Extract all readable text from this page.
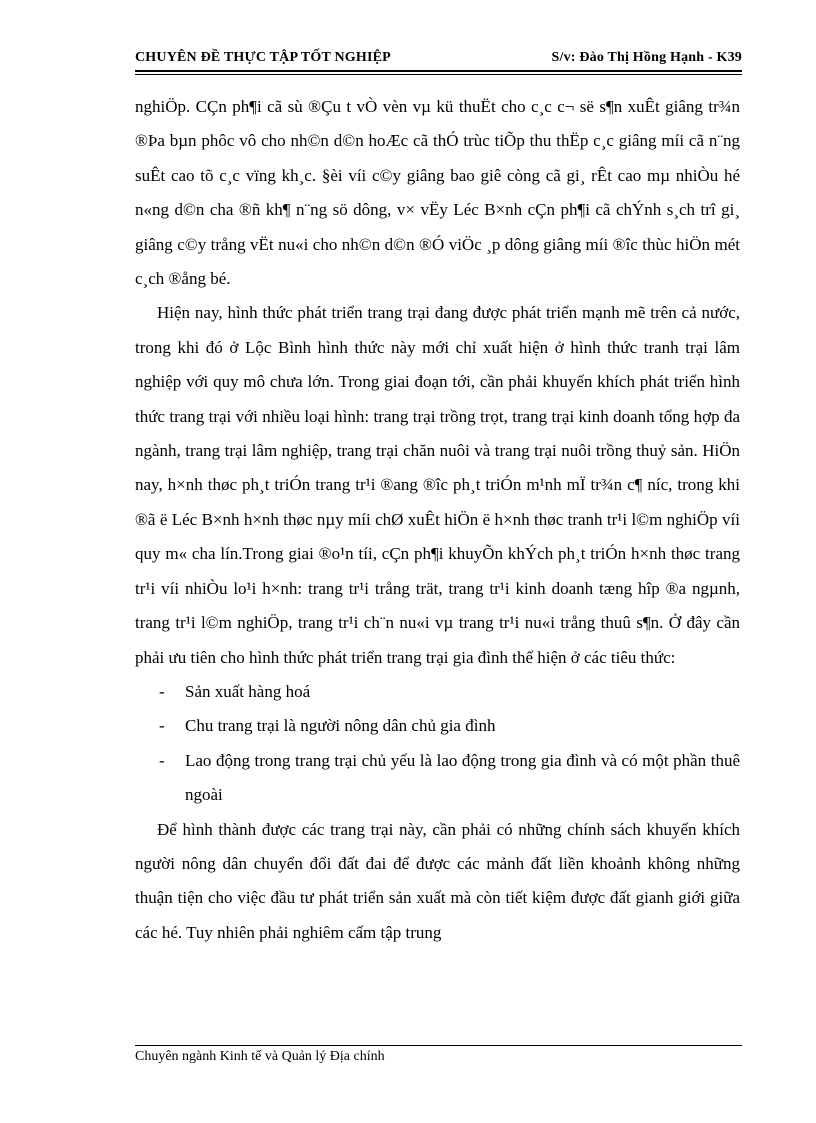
CHUYÊN ĐỀ THỰC TẬP TỐT NGHIỆP	S/v: Đào Thị Hồng Hạnh - K39

nghiÖp. CÇn ph¶i cã sù ®Çu t vÒ vèn vµ kü thuËt cho c¸c c¬ së s¶n xuÊt giâng tr¾n ®Þa bµn phôc vô cho nh©n d©n hoÆc cã thÓ trùc tiÕp thu thËp c¸c giâng míi cã n¨ng suÊt cao tõ c¸c vïng kh¸c. §èi víi c©y giâng bao giê còng cã gi¸ rÊt cao mµ nhiÒu hé n«ng d©n cha ®ñ kh¶ n¨ng sö dông, v× vËy Léc B×nh cÇn ph¶i cã chÝnh s¸ch trî gi¸ giâng c©y trång vËt nu«i cho nh©n d©n ®Ó viÖc ¸p dông giâng míi ®îc thùc hiÖn mét c¸ch ®ång bé.

Hiện nay, hình thức phát triển trang trại đang được phát triển mạnh mẽ trên cả nước, trong khi đó ở Lộc Bình hình thức này mới chỉ xuất hiện ở hình thức tranh trại lâm nghiệp với quy mô chưa lớn. Trong giai đoạn tới, cần phải khuyến khích phát triển hình thức trang trại với nhiều loại hình: trang trại trồng trọt, trang trại kinh doanh tổng hợp đa ngành, trang trại lâm nghiệp, trang trại chăn nuôi và trang trại nuôi trồng thuỷ sản. HiÖn nay, h×nh thøc ph¸t triÓn trang tr¹i ®ang ®îc ph¸t triÓn m¹nh mÏ tr¾n c¶ níc, trong khi ®ã ë Léc B×nh h×nh thøc nµy míi chØ xuÊt hiÖn ë h×nh thøc tranh tr¹i l©m nghiÖp víi quy m« cha lín.Trong giai ®o¹n tíi, cÇn ph¶i khuyÕn khÝch ph¸t triÓn h×nh thøc trang tr¹i víi nhiÒu lo¹i h×nh: trang tr¹i trång trät, trang tr¹i kinh doanh tæng hîp ®a ngµnh, trang tr¹i l©m nghiÖp, trang tr¹i ch¨n nu«i vµ trang tr¹i nu«i trång thuû s¶n. Ở đây cần phải ưu tiên cho hình thức phát triển trang trại gia đình thể hiện ở các tiêu thức:

-	Sản xuất hàng hoá
-	Chu trang trại là người nông dân chủ gia đình
-	Lao động trong trang trại chủ yếu là lao động trong gia đình và có một phần thuê ngoài

Để hình thành được các trang trại này, cần phải có những chính sách khuyến khích người nông dân chuyển đổi đất đai để được các mảnh đất liền khoảnh không những thuận tiện cho việc đầu tư phát triển sản xuất mà còn tiết kiệm được đất gianh giới giữa các hé. Tuy nhiên phải nghiêm cấm tập trung

Chuyên ngành Kinh tế và Quản lý Địa chính
